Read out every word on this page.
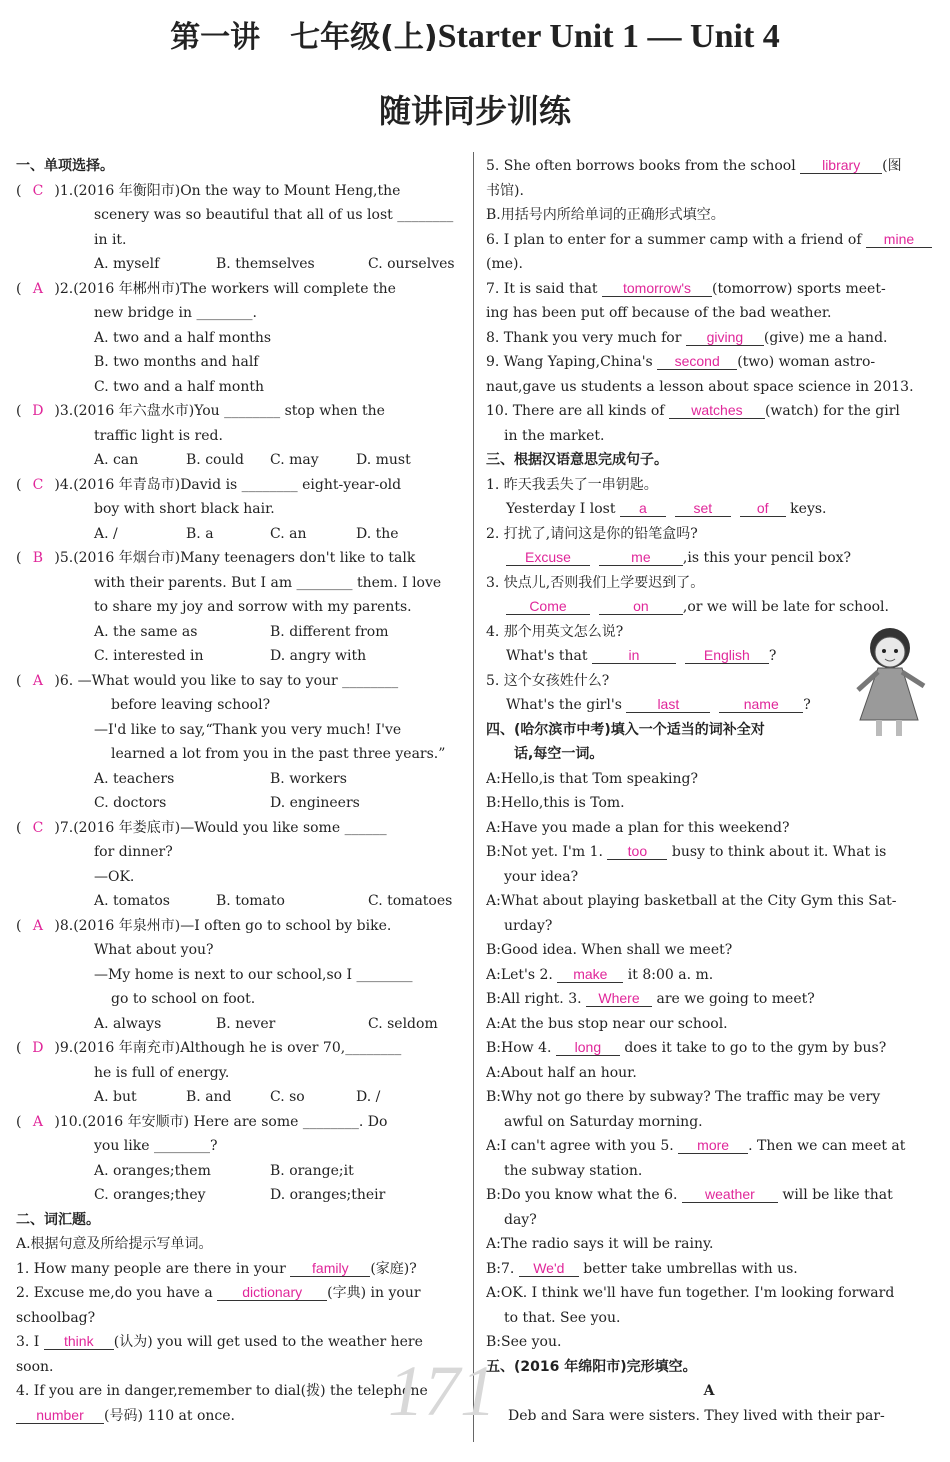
第一讲　七年级(上)Starter Unit 1 — Unit 4
随讲同步训练
一、单项选择。
( C )1.(2016 年衡阳市)On the way to Mount Heng,the
scenery was so beautiful that all of us lost ________
in it.
A. myself	B. themselves	C. ourselves
( A )2.(2016 年郴州市)The workers will complete the
new bridge in ________.
A. two and a half months
B. two months and half
C. two and a half month
( D )3.(2016 年六盘水市)You ________ stop when the
traffic light is red.
A. can	B. could C. may	D. must
( C )4.(2016 年青岛市)David is ________ eight-year-old
boy with short black hair.
A. /	B. a	C. an	D. the
( B )5.(2016 年烟台市)Many teenagers don't like to talk
with their parents. But I am ________ them. I love
to share my joy and sorrow with my parents.
A. the same as	B. different from
C. interested in	D. angry with
( A )6. —What would you like to say to your ________
before leaving school?
—I'd like to say,“Thank you very much! I've
learned a lot from you in the past three years.”
A. teachers	B. workers
C. doctors	D. engineers
( C )7.(2016 年娄底市)—Would you like some ______
for dinner?
—OK.
A. tomatos	B. tomato	C. tomatoes
( A )8.(2016 年泉州市)—I often go to school by bike.
What about you?
—My home is next to our school,so I ________
go to school on foot.
A. always	B. never	C. seldom
( D )9.(2016 年南充市)Although he is over 70,________
he is full of energy.
A. but	B. and	C. so	D. /
( A )10.(2016 年安顺市) Here are some ________. Do
you like ________?
A. oranges;them	B. orange;it
C. oranges;they	D. oranges;their
二、词汇题。
A.根据句意及所给提示写单词。
1. How many people are there in your family (家庭)?
2. Excuse me,do you have a dictionary (字典) in your
schoolbag?
3. I think (认为) you will get used to the weather here
soon.
4. If you are in danger,remember to dial(拨) the telephone
number (号码) 110 at once.
5. She often borrows books from the school library (图
书馆).
B.用括号内所给单词的正确形式填空。
6. I plan to enter for a summer camp with a friend of mine
(me).
7. It is said that tomorrow's (tomorrow) sports meet-
ing has been put off because of the bad weather.
8. Thank you very much for giving (give) me a hand.
9. Wang Yaping,China's second (two) woman astro-
naut,gave us students a lesson about space science in 2013.
10. There are all kinds of watches (watch) for the girl
in the market.
三、根据汉语意思完成句子。
1. 昨天我丢失了一串钥匙。
Yesterday I lost a	set	of keys.
2. 打扰了,请问这是你的铅笔盒吗?
Excuse	me ,is this your pencil box?
3. 快点儿,否则我们上学要迟到了。
Come	on ,or we will be late for school.
4. 那个用英文怎么说?
What's that	in	English ?
5. 这个女孩姓什么?
What's the girl's last	name ?
四、(哈尔滨市中考)填入一个适当的词补全对
　　话,每空一词。
A:Hello,is that Tom speaking?
B:Hello,this is Tom.
A:Have you made a plan for this weekend?
B:Not yet. I'm 1. too busy to think about it. What is
your idea?
A:What about playing basketball at the City Gym this Sat-
urday?
B:Good idea. When shall we meet?
A:Let's 2. make it 8:00 a. m.
B:All right. 3. Where are we going to meet?
A:At the bus stop near our school.
B:How 4. long does it take to go to the gym by bus?
A:About half an hour.
B:Why not go there by subway? The traffic may be very
awful on Saturday morning.
A:I can't agree with you 5. more . Then we can meet at
the subway station.
B:Do you know what the 6. weather will be like that
day?
A:The radio says it will be rainy.
B:7. We'd better take umbrellas with us.
A:OK. I think we'll have fun together. I'm looking forward
to that. See you.
B:See you.
五、(2016 年绵阳市)完形填空。
A
Deb and Sara were sisters. They lived with their par-
171
